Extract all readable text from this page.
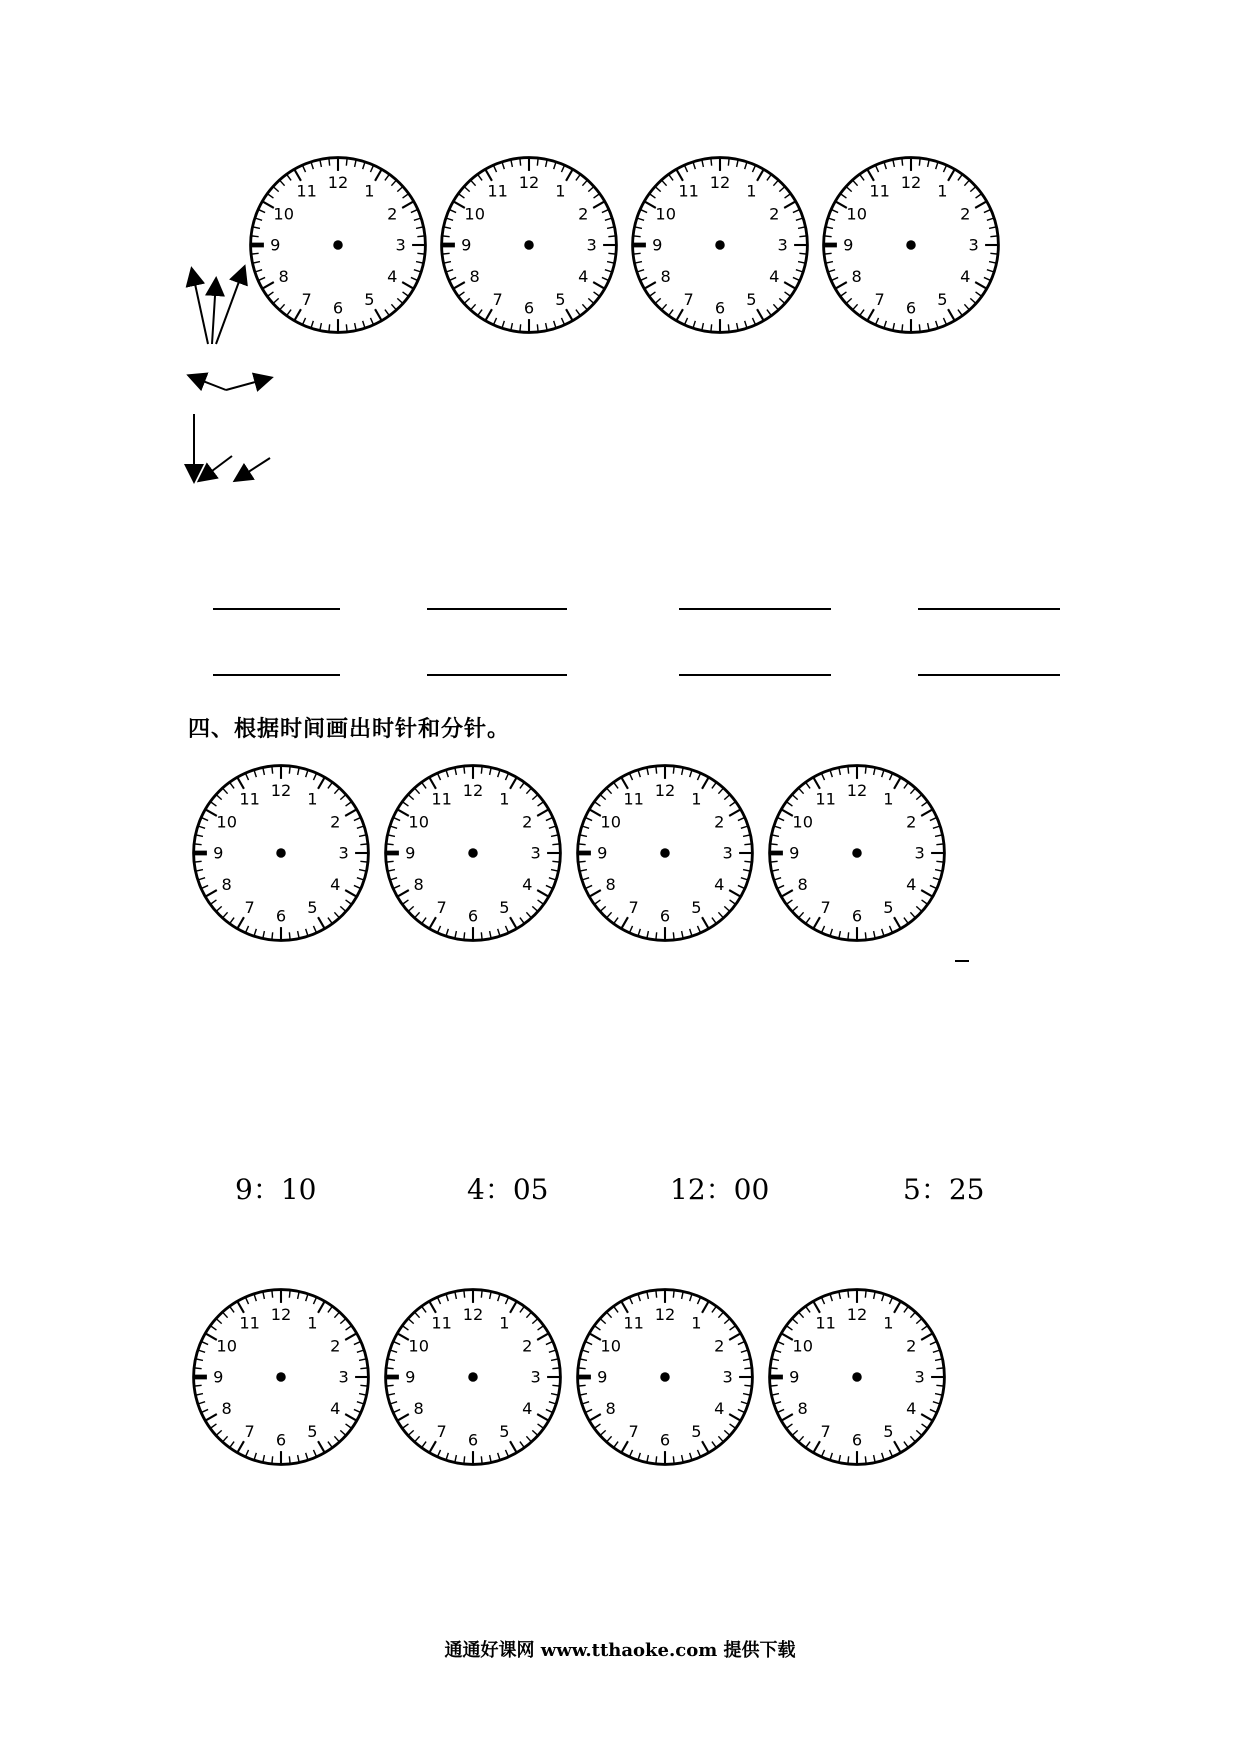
12 1
2
3
4
5
6
7
8
9
10
11	12 1
2
3
4
5
6
7
8
9
10
11	12 1
2
3
4
5
6
7
8
9
10
11	12 1
2
3
4
5
6
7
8
9
10
11
四、根据时间画出时针和分针。
12 1
2
3
4
5
6
7
8
9
10
11	12 1
2
3
4
5
6
7
8
9
10
11	12 1
2
3
4
5
6
7
8
9
10
11	12 1
2
3
4
5
6
7
8
9
10
11
9：10	4：05	12：00	5：25
12 1
2
3
4
5
6
7
8
9
10
11	12 1
2
3
4
5
6
7
8
9
10
11	12 1
2
3
4
5
6
7
8
9
10
11	12 1
2
3
4
5
6
7
8
9
10
11
通通好课网 www.tthaoke.com 提供下载
